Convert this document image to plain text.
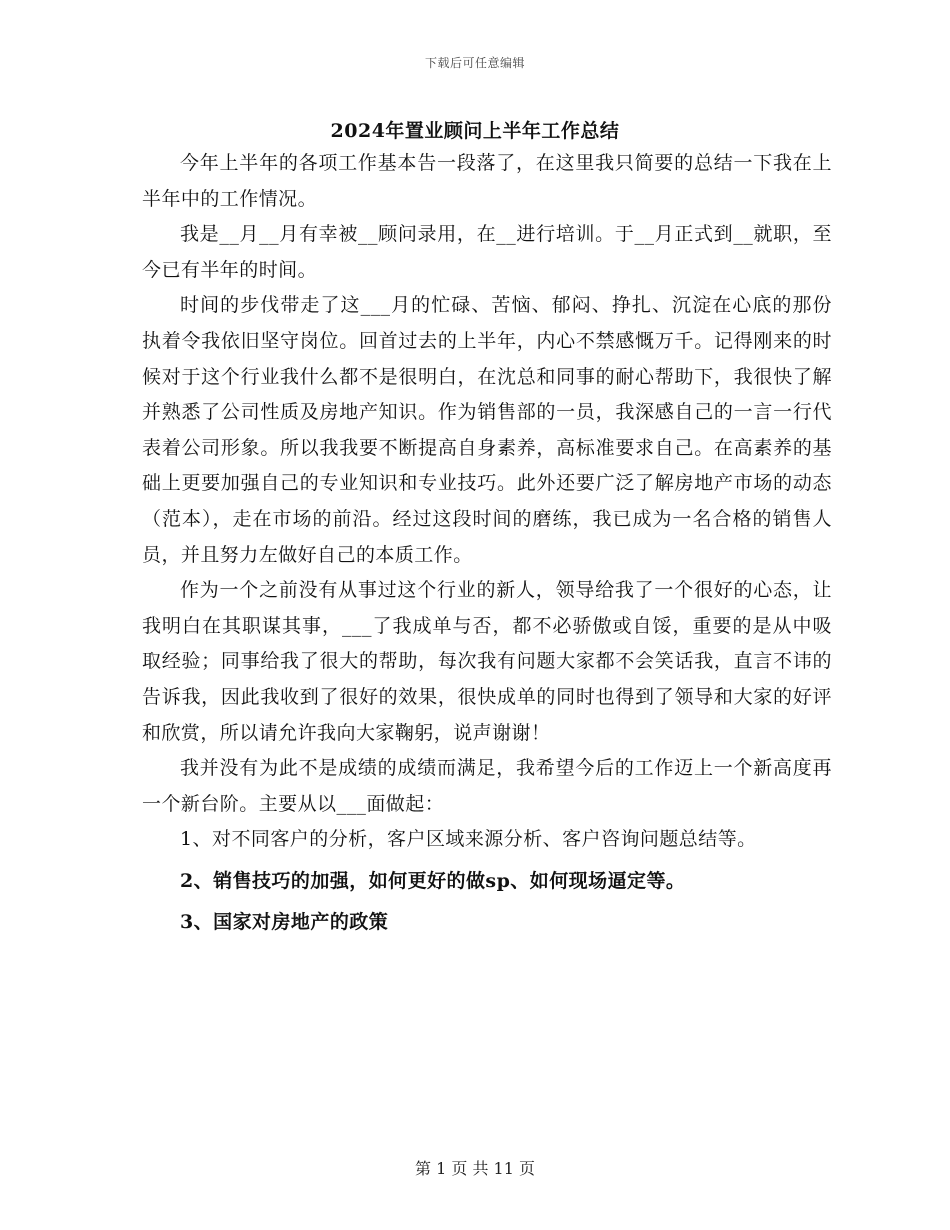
下载后可任意编辑
2024年置业顾问上半年工作总结

今年上半年的各项工作基本告一段落了，在这里我只简要的总结一下我在上半年中的工作情况。

我是__月__月有幸被__顾问录用，在__进行培训。于__月正式到__就职，至今已有半年的时间。

时间的步伐带走了这___月的忙碌、苦恼、郁闷、挣扎、沉淀在心底的那份执着令我依旧坚守岗位。回首过去的上半年，内心不禁感慨万千。记得刚来的时候对于这个行业我什么都不是很明白，在沈总和同事的耐心帮助下，我很快了解并熟悉了公司性质及房地产知识。作为销售部的一员，我深感自己的一言一行代表着公司形象。所以我我要不断提高自身素养，高标准要求自己。在高素养的基础上更要加强自己的专业知识和专业技巧。此外还要广泛了解房地产市场的动态（范本），走在市场的前沿。经过这段时间的磨练，我已成为一名合格的销售人员，并且努力左做好自己的本质工作。

作为一个之前没有从事过这个行业的新人，领导给我了一个很好的心态，让我明白在其职谋其事，___了我成单与否，都不必骄傲或自馁，重要的是从中吸取经验；同事给我了很大的帮助，每次我有问题大家都不会笑话我，直言不讳的告诉我，因此我收到了很好的效果，很快成单的同时也得到了领导和大家的好评和欣赏，所以请允许我向大家鞠躬，说声谢谢！

我并没有为此不是成绩的成绩而满足，我希望今后的工作迈上一个新高度再一个新台阶。主要从以___面做起：

1、对不同客户的分析，客户区域来源分析、客户咨询问题总结等。

2、销售技巧的加强，如何更好的做sp、如何现场逼定等。

3、国家对房地产的政策

第 1 页 共 11 页
